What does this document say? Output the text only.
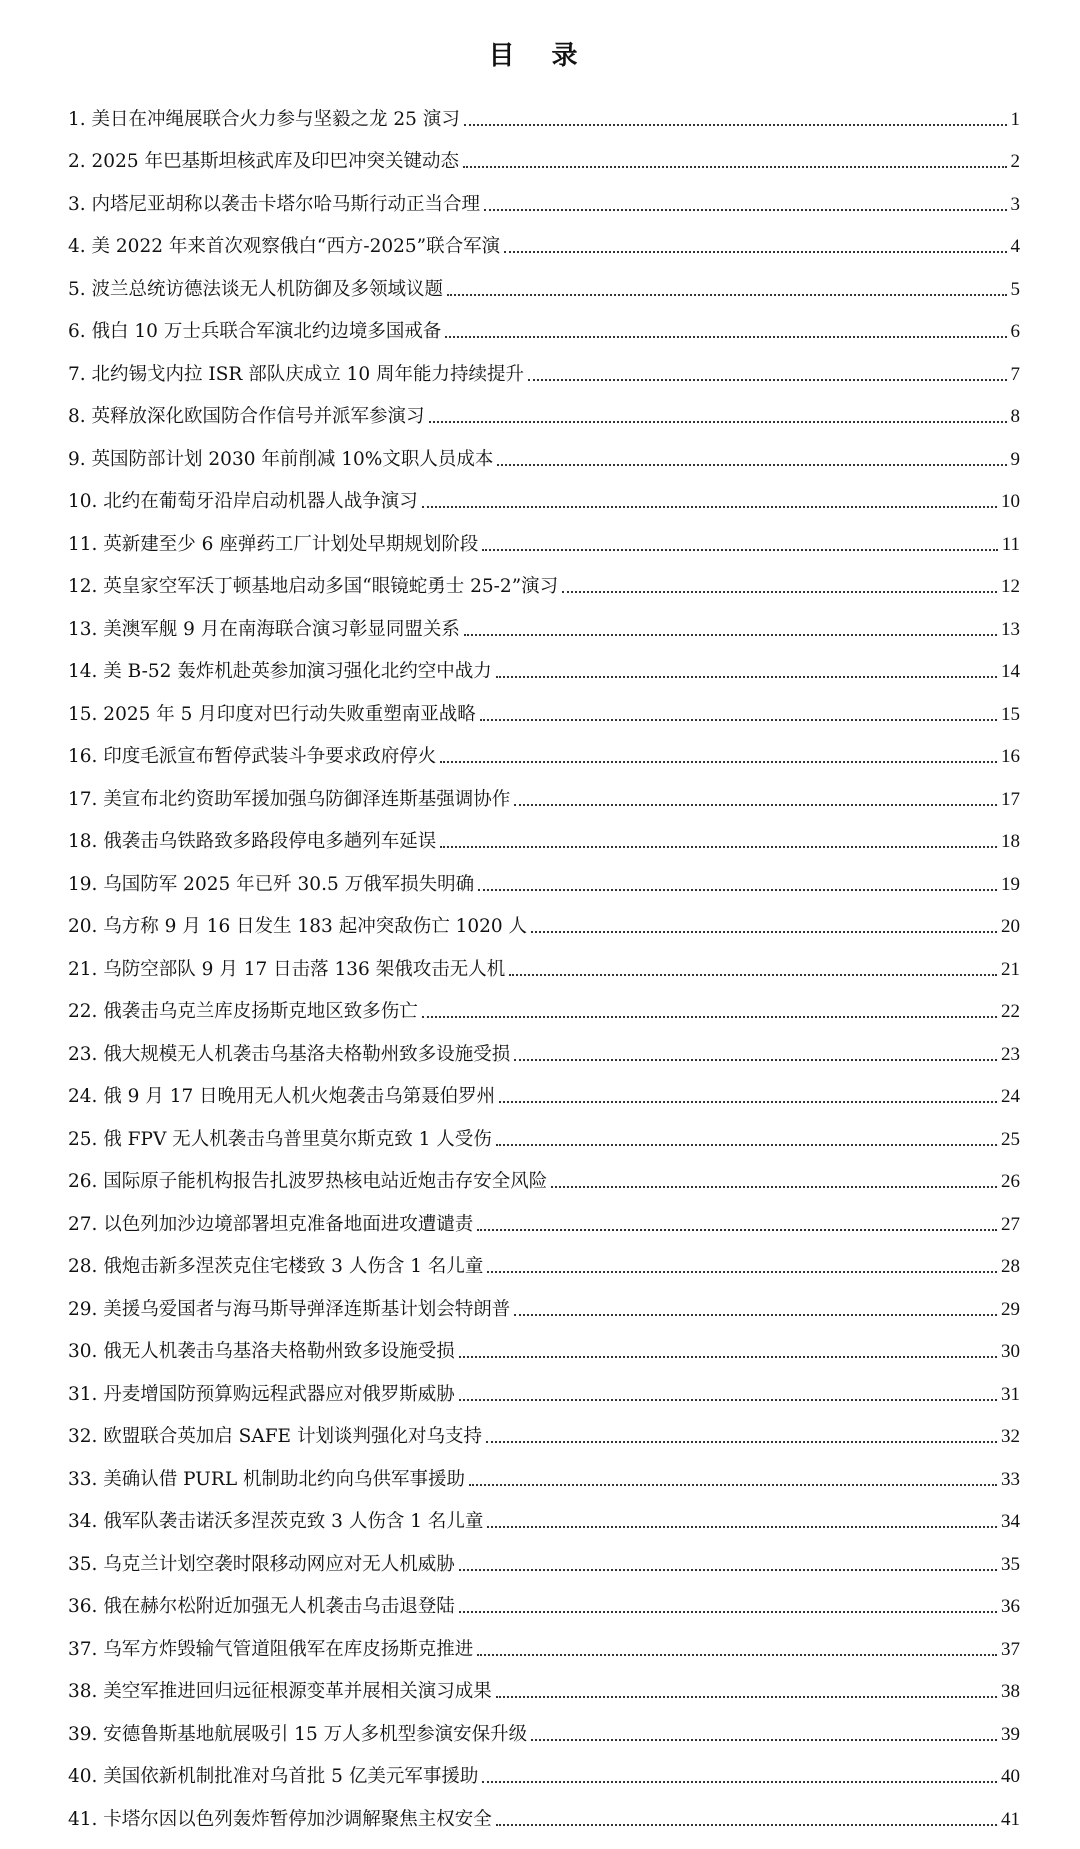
目 录
1. 美日在冲绳展联合火力参与坚毅之龙 25 演习	1
2. 2025 年巴基斯坦核武库及印巴冲突关键动态	2
3. 内塔尼亚胡称以袭击卡塔尔哈马斯行动正当合理	3
4. 美 2022 年来首次观察俄白“西方-2025”联合军演	4
5. 波兰总统访德法谈无人机防御及多领域议题	5
6. 俄白 10 万士兵联合军演北约边境多国戒备	6
7. 北约锡戈内拉 ISR 部队庆成立 10 周年能力持续提升	7
8. 英释放深化欧国防合作信号并派军参演习	8
9. 英国防部计划 2030 年前削减 10%文职人员成本	9
10. 北约在葡萄牙沿岸启动机器人战争演习	10
11. 英新建至少 6 座弹药工厂计划处早期规划阶段	11
12. 英皇家空军沃丁顿基地启动多国“眼镜蛇勇士 25-2”演习	12
13. 美澳军舰 9 月在南海联合演习彰显同盟关系	13
14. 美 B-52 轰炸机赴英参加演习强化北约空中战力	14
15. 2025 年 5 月印度对巴行动失败重塑南亚战略	15
16. 印度毛派宣布暂停武装斗争要求政府停火	16
17. 美宣布北约资助军援加强乌防御泽连斯基强调协作	17
18. 俄袭击乌铁路致多路段停电多趟列车延误	18
19. 乌国防军 2025 年已歼 30.5 万俄军损失明确	19
20. 乌方称 9 月 16 日发生 183 起冲突敌伤亡 1020 人	20
21. 乌防空部队 9 月 17 日击落 136 架俄攻击无人机	21
22. 俄袭击乌克兰库皮扬斯克地区致多伤亡	22
23. 俄大规模无人机袭击乌基洛夫格勒州致多设施受损	23
24. 俄 9 月 17 日晚用无人机火炮袭击乌第聂伯罗州	24
25. 俄 FPV 无人机袭击乌普里莫尔斯克致 1 人受伤	25
26. 国际原子能机构报告扎波罗热核电站近炮击存安全风险	26
27. 以色列加沙边境部署坦克准备地面进攻遭谴责	27
28. 俄炮击新多涅茨克住宅楼致 3 人伤含 1 名儿童	28
29. 美援乌爱国者与海马斯导弹泽连斯基计划会特朗普	29
30. 俄无人机袭击乌基洛夫格勒州致多设施受损	30
31. 丹麦增国防预算购远程武器应对俄罗斯威胁	31
32. 欧盟联合英加启 SAFE 计划谈判强化对乌支持	32
33. 美确认借 PURL 机制助北约向乌供军事援助	33
34. 俄军队袭击诺沃多涅茨克致 3 人伤含 1 名儿童	34
35. 乌克兰计划空袭时限移动网应对无人机威胁	35
36. 俄在赫尔松附近加强无人机袭击乌击退登陆	36
37. 乌军方炸毁输气管道阻俄军在库皮扬斯克推进	37
38. 美空军推进回归远征根源变革并展相关演习成果	38
39. 安德鲁斯基地航展吸引 15 万人多机型参演安保升级	39
40. 美国依新机制批准对乌首批 5 亿美元军事援助	40
41. 卡塔尔因以色列轰炸暂停加沙调解聚焦主权安全	41
